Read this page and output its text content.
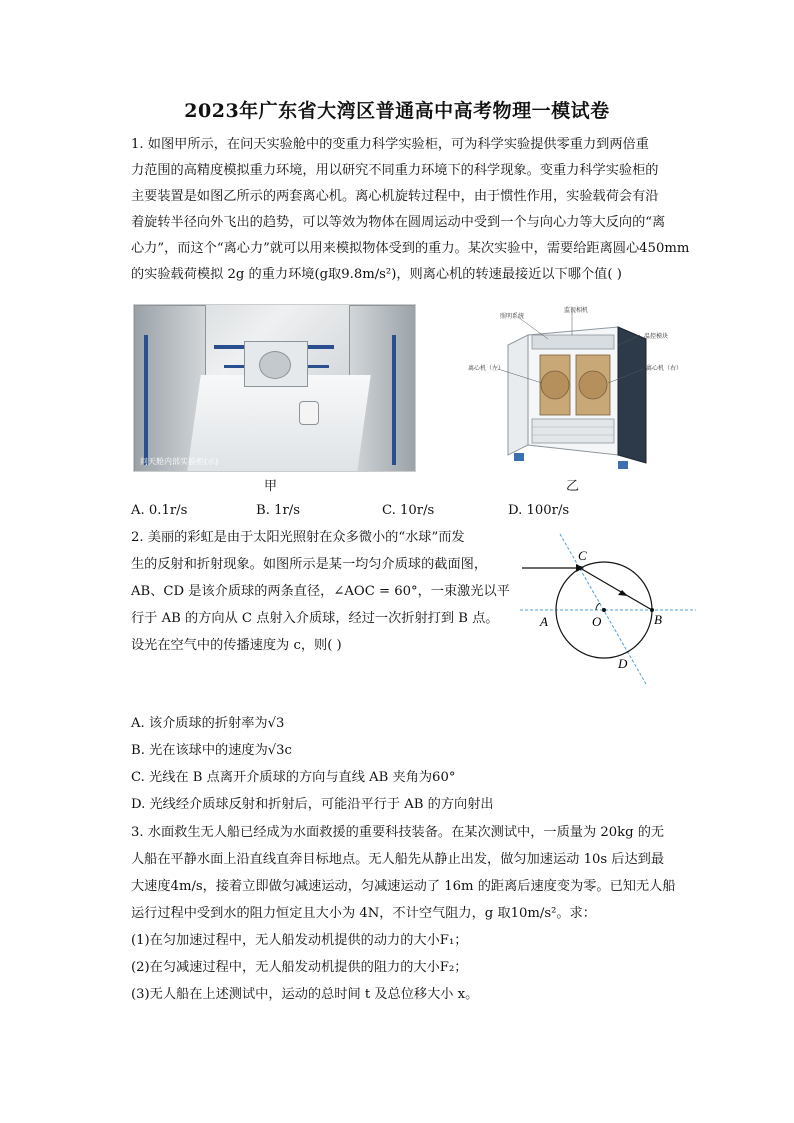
2023年广东省大湾区普通高中高考物理一模试卷
1. 如图甲所示，在问天实验舱中的变重力科学实验柜，可为科学实验提供零重力到两倍重
力范围的高精度模拟重力环境，用以研究不同重力环境下的科学现象。变重力科学实验柜的
主要装置是如图乙所示的两套离心机。离心机旋转过程中，由于惯性作用，实验载荷会有沿
着旋转半径向外飞出的趋势，可以等效为物体在圆周运动中受到一个与向心力等大反向的“离
心力”，而这个“离心力”就可以用来模拟物体受到的重力。某次实验中，需要给距离圆心450mm
的实验载荷模拟 2g 的重力环境(g取9.8m/s²)，则离心机的转速最接近以下哪个值( )
问天舱内部实验柜(示)
甲
监视相机
照明系统
温控模块
离心机（左）	离心机（右）
乙
A. 0.1r/s	B. 1r/s	C. 10r/s	D. 100r/s
2. 美丽的彩虹是由于太阳光照射在众多微小的“水球”而发
生的反射和折射现象。如图所示是某一均匀介质球的截面图，
AB、CD 是该介质球的两条直径，∠AOC = 60°，一束激光以平
行于 AB 的方向从 C 点射入介质球，经过一次折射打到 B 点。
设光在空气中的传播速度为 c，则( )
C
A	O	B
D
A. 该介质球的折射率为√3
B. 光在该球中的速度为√3c
C. 光线在 B 点离开介质球的方向与直线 AB 夹角为60°
D. 光线经介质球反射和折射后，可能沿平行于 AB 的方向射出
3. 水面救生无人船已经成为水面救援的重要科技装备。在某次测试中，一质量为 20kg 的无
人船在平静水面上沿直线直奔目标地点。无人船先从静止出发，做匀加速运动 10s 后达到最
大速度4m/s，接着立即做匀减速运动，匀减速运动了 16m 的距离后速度变为零。已知无人船
运行过程中受到水的阻力恒定且大小为 4N，不计空气阻力，g 取10m/s²。求：
(1)在匀加速过程中，无人船发动机提供的动力的大小F₁；
(2)在匀减速过程中，无人船发动机提供的阻力的大小F₂；
(3)无人船在上述测试中，运动的总时间 t 及总位移大小 x。
